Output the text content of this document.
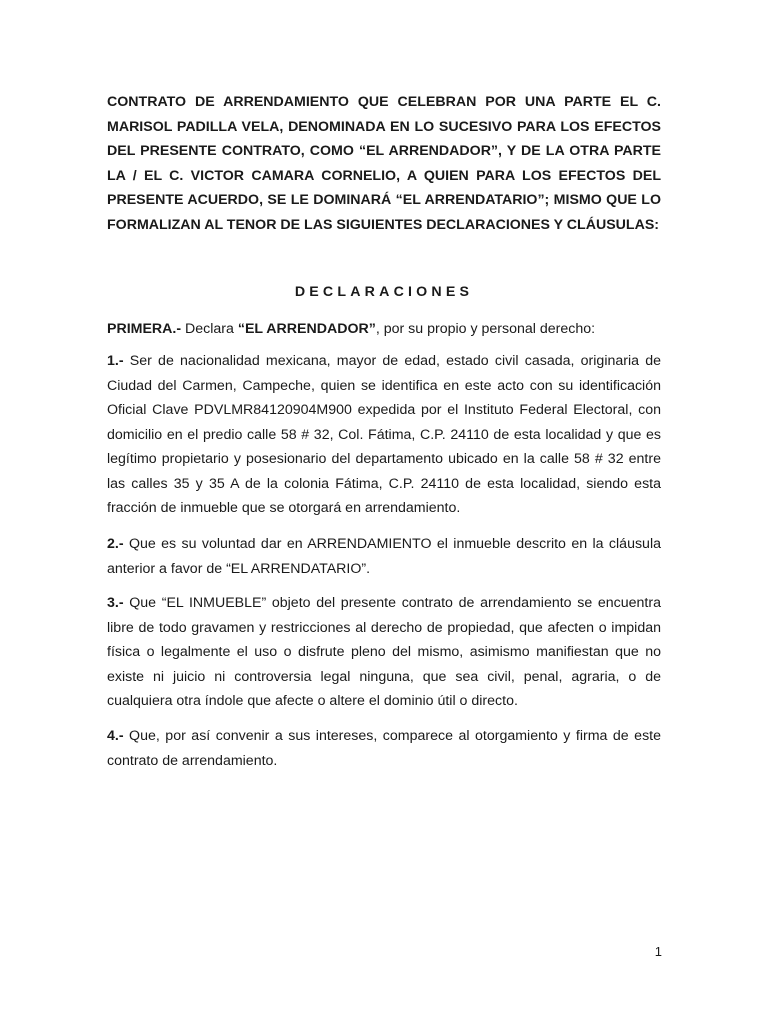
CONTRATO DE ARRENDAMIENTO QUE CELEBRAN POR UNA PARTE EL C. MARISOL PADILLA VELA, DENOMINADA EN LO SUCESIVO PARA LOS EFECTOS DEL PRESENTE CONTRATO, COMO “EL ARRENDADOR”, Y DE LA OTRA PARTE LA / EL C. VICTOR CAMARA CORNELIO, A QUIEN PARA LOS EFECTOS DEL PRESENTE ACUERDO, SE LE DOMINARÁ “EL ARRENDATARIO”; MISMO QUE LO FORMALIZAN AL TENOR DE LAS SIGUIENTES DECLARACIONES Y CLÁUSULAS:

DECLARACIONES

PRIMERA.- Declara “EL ARRENDADOR”, por su propio y personal derecho:

1.- Ser de nacionalidad mexicana, mayor de edad, estado civil casada, originaria de Ciudad del Carmen, Campeche, quien se identifica en este acto con su identificación Oficial Clave PDVLMR84120904M900 expedida por el Instituto Federal Electoral, con domicilio en el predio calle 58 # 32, Col. Fátima, C.P. 24110 de esta localidad y que es legítimo propietario y posesionario del departamento ubicado en la calle 58 # 32 entre las calles 35 y 35 A de la colonia Fátima, C.P. 24110 de esta localidad, siendo esta fracción de inmueble que se otorgará en arrendamiento.

2.- Que es su voluntad dar en ARRENDAMIENTO el inmueble descrito en la cláusula anterior a favor de “EL ARRENDATARIO”.

3.- Que “EL INMUEBLE” objeto del presente contrato de arrendamiento se encuentra libre de todo gravamen y restricciones al derecho de propiedad, que afecten o impidan física o legalmente el uso o disfrute pleno del mismo, asimismo manifiestan que no existe ni juicio ni controversia legal ninguna, que sea civil, penal, agraria, o de cualquiera otra índole que afecte o altere el dominio útil o directo.

4.- Que, por así convenir a sus intereses, comparece al otorgamiento y firma de este contrato de arrendamiento.

1
